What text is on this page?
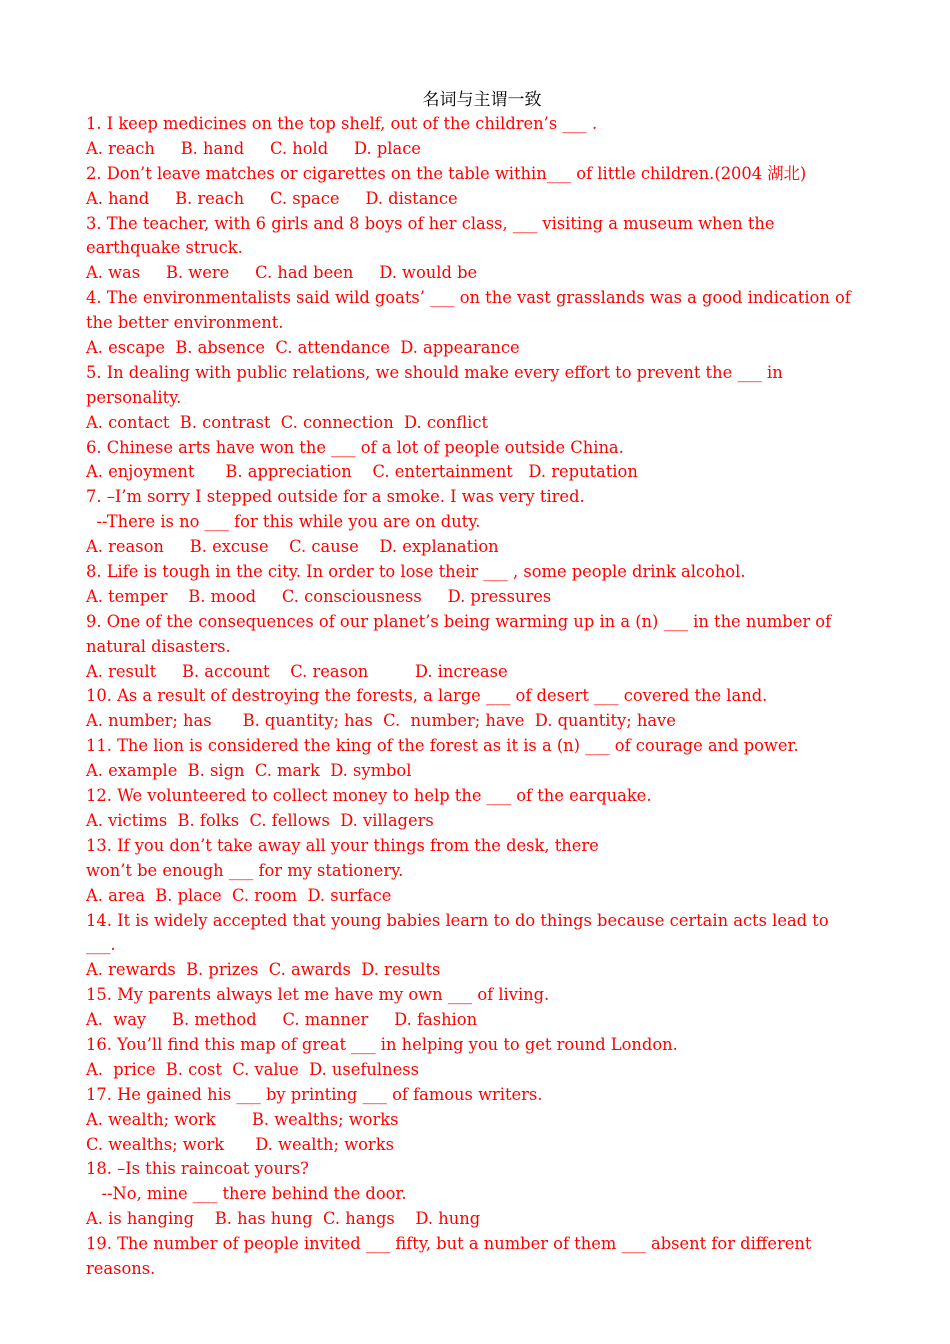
名词与主谓一致
1. I keep medicines on the top shelf, out of the children’s ___ .
A. reach     B. hand     C. hold     D. place
2. Don’t leave matches or cigarettes on the table within___ of little children.(2004 湖北)
A. hand     B. reach     C. space     D. distance
3. The teacher, with 6 girls and 8 boys of her class, ___ visiting a museum when the
earthquake struck.
A. was     B. were     C. had been     D. would be
4. The environmentalists said wild goats’ ___ on the vast grasslands was a good indication of
the better environment.
A. escape  B. absence  C. attendance  D. appearance
5. In dealing with public relations, we should make every effort to prevent the ___ in
personality.
A. contact  B. contrast  C. connection  D. conflict
6. Chinese arts have won the ___ of a lot of people outside China.
A. enjoyment      B. appreciation    C. entertainment   D. reputation
7. –I’m sorry I stepped outside for a smoke. I was very tired.
--There is no ___ for this while you are on duty.
A. reason     B. excuse    C. cause    D. explanation
8. Life is tough in the city. In order to lose their ___ , some people drink alcohol.
A. temper    B. mood     C. consciousness     D. pressures
9. One of the consequences of our planet’s being warming up in a (n) ___ in the number of
natural disasters.
A. result     B. account    C. reason         D. increase
10. As a result of destroying the forests, a large ___ of desert ___ covered the land.
A. number; has      B. quantity; has  C.  number; have  D. quantity; have
11. The lion is considered the king of the forest as it is a (n) ___ of courage and power.
A. example  B. sign  C. mark  D. symbol
12. We volunteered to collect money to help the ___ of the earquake.
A. victims  B. folks  C. fellows  D. villagers
13. If you don’t take away all your things from the desk, there
won’t be enough ___ for my stationery.
A. area  B. place  C. room  D. surface
14. It is widely accepted that young babies learn to do things because certain acts lead to
___.
A. rewards  B. prizes  C. awards  D. results
15. My parents always let me have my own ___ of living.
A.  way     B. method     C. manner     D. fashion
16. You’ll find this map of great ___ in helping you to get round London.
A.  price  B. cost  C. value  D. usefulness
17. He gained his ___ by printing ___ of famous writers.
A. wealth; work       B. wealths; works
C. wealths; work      D. wealth; works
18. –Is this raincoat yours?
--No, mine ___ there behind the door.
A. is hanging    B. has hung  C. hangs    D. hung
19. The number of people invited ___ fifty, but a number of them ___ absent for different
reasons.
